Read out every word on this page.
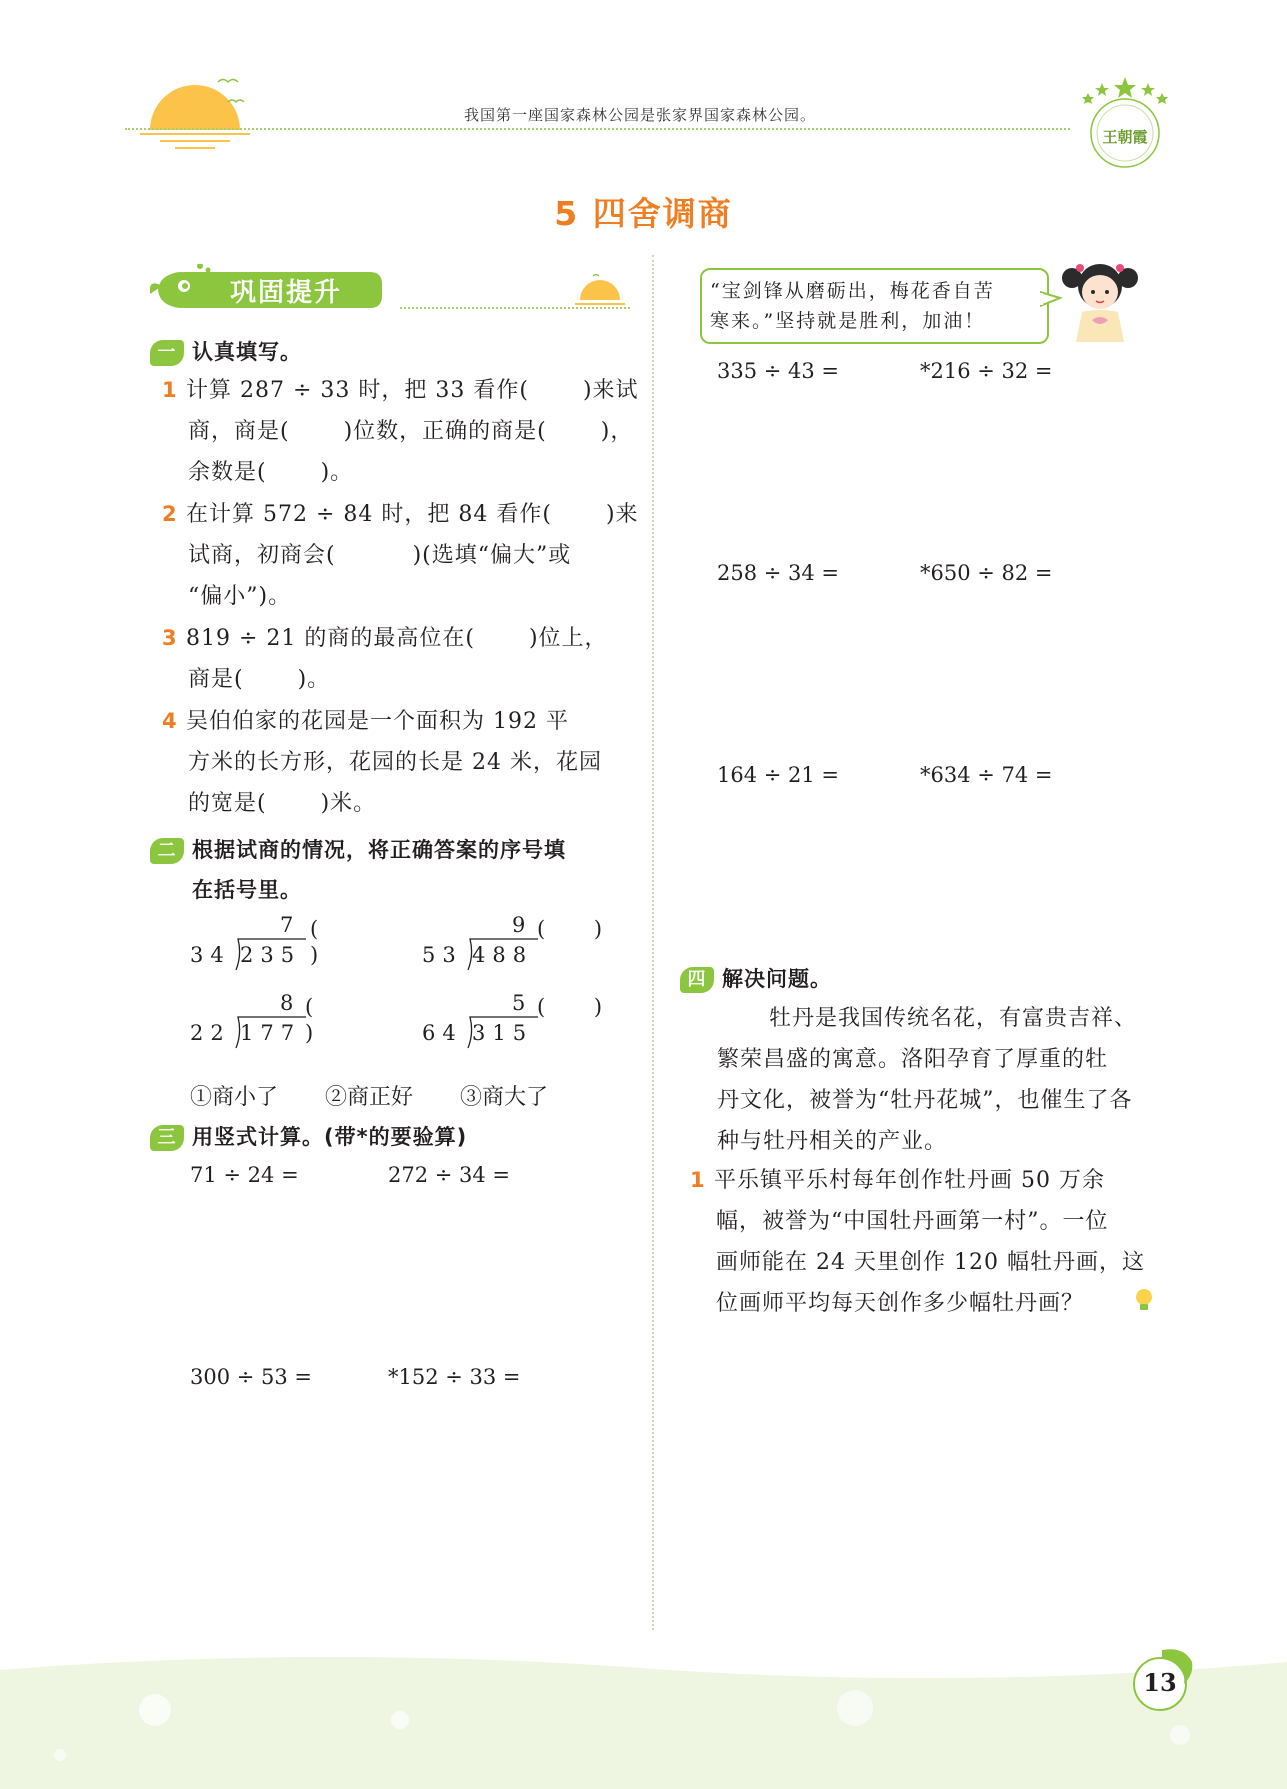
我国第一座国家森林公园是张家界国家森林公园。
王朝霞
5 四舍调商
巩固提升
一 认真填写。
1 计算 287 ÷ 33 时，把 33 看作(　　 )来试
商，商是(　　 )位数，正确的商是(　　 )，
余数是(　　 )。
2 在计算 572 ÷ 84 时，把 84 看作(　　 )来
试商，初商会(　　　 )(选填“偏大”或
“偏小”)。
3 819 ÷ 21 的商的最高位在(　　 )位上，
商是(　　 )。
4 吴伯伯家的花园是一个面积为 192 平
方米的长方形，花园的长是 24 米，花园
的宽是(　　 )米。
二 根据试商的情况，将正确答案的序号填
在括号里。
7 (　　 )
34 235
9 (　　 )
53 488
8 (　　 )
22 177
5 (　　 )
64 315
①商小了 ②商正好 ③商大了
三 用竖式计算。(带*的要验算)
71 ÷ 24 =	272 ÷ 34 =
300 ÷ 53 =	*152 ÷ 33 =
“宝剑锋从磨砺出，梅花香自苦
寒来。”坚持就是胜利，加油！
335 ÷ 43 =	*216 ÷ 32 =
258 ÷ 34 =	*650 ÷ 82 =
164 ÷ 21 =	*634 ÷ 74 =
四 解决问题。
牡丹是我国传统名花，有富贵吉祥、
繁荣昌盛的寓意。洛阳孕育了厚重的牡
丹文化，被誉为“牡丹花城”，也催生了各
种与牡丹相关的产业。
1 平乐镇平乐村每年创作牡丹画 50 万余
幅，被誉为“中国牡丹画第一村”。一位
画师能在 24 天里创作 120 幅牡丹画，这
位画师平均每天创作多少幅牡丹画？
13
